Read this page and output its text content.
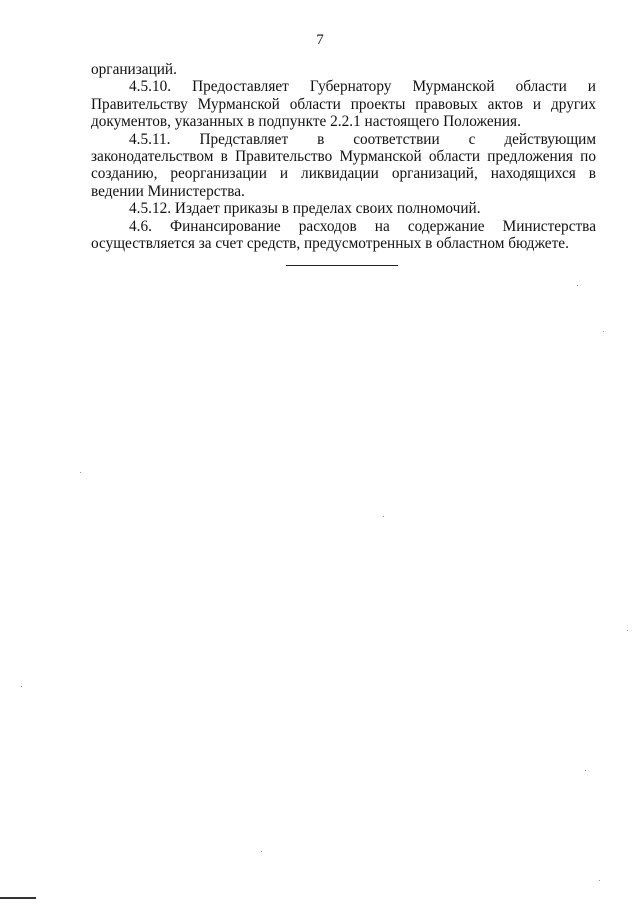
7

организаций.

4.5.10. Предоставляет Губернатору Мурманской области и Правительству Мурманской области проекты правовых актов и других документов, указанных в подпункте 2.2.1 настоящего Положения.

4.5.11. Представляет в соответствии с действующим законодательством в Правительство Мурманской области предложения по созданию, реорганизации и ликвидации организаций, находящихся в ведении Министерства.

4.5.12. Издает приказы в пределах своих полномочий.

4.6. Финансирование расходов на содержание Министерства осуществляется за счет средств, предусмотренных в областном бюджете.
